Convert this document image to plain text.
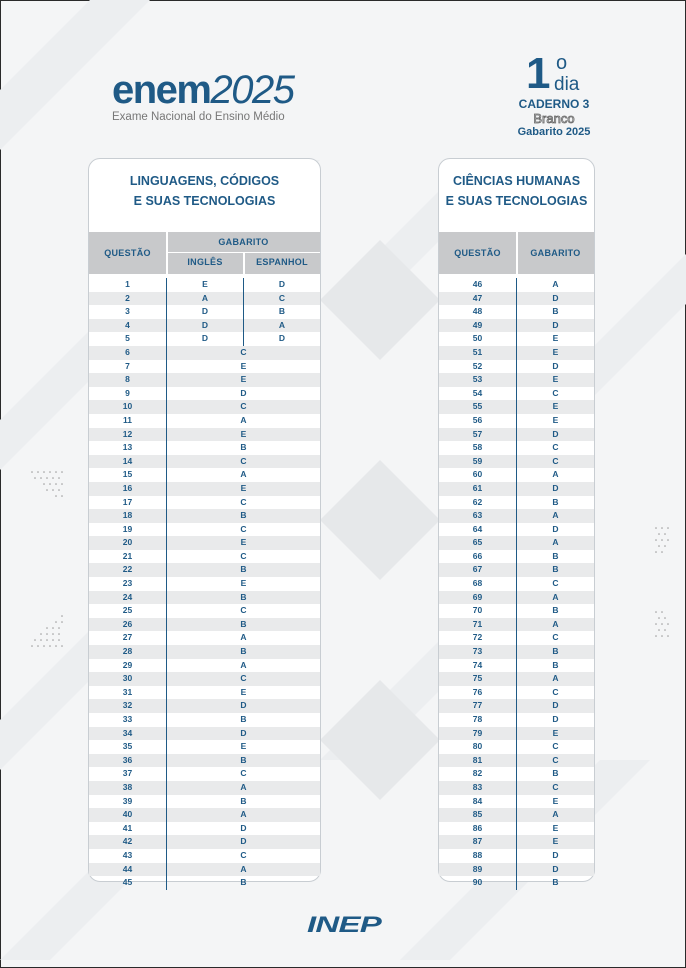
enem2025
Exame Nacional do Ensino Médio
1 o
dia
CADERNO 3
Branco
Gabarito 2025
LINGUAGENS, CÓDIGOS
E SUAS TECNOLOGIAS
QUESTÃO
GABARITO
INGLÊS	ESPANHOL
1	E	D
2	A	C
3	D	B
4	D	A
5	D	D
6	C
7	E
8	E
9	D
10	C
11	A
12	E
13	B
14	C
15	A
16	E
17	C
18	B
19	C
20	E
21	C
22	B
23	E
24	B
25	C
26	B
27	A
28	B
29	A
30	C
31	E
32	D
33	B
34	D
35	E
36	B
37	C
38	A
39	B
40	A
41	D
42	D
43	C
44	A
45	B
CIÊNCIAS HUMANAS
E SUAS TECNOLOGIAS
QUESTÃO	GABARITO
46	A
47	D
48	B
49	D
50	E
51	E
52	D
53	E
54	C
55	E
56	E
57	D
58	C
59	C
60	A
61	D
62	B
63	A
64	D
65	A
66	B
67	B
68	C
69	A
70	B
71	A
72	C
73	B
74	B
75	A
76	C
77	D
78	D
79	E
80	C
81	C
82	B
83	C
84	E
85	A
86	E
87	E
88	D
89	D
90	B
INEP
